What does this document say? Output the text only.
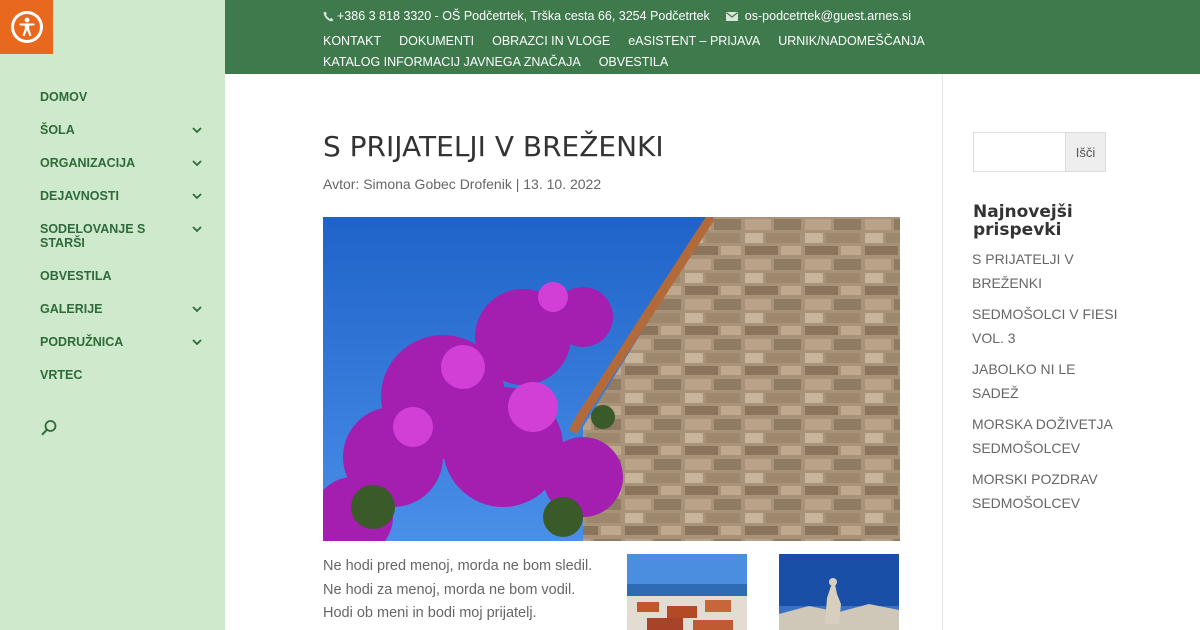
DOMOV
ŠOLA
ORGANIZACIJA
DEJAVNOSTI
SODELOVANJE S STARŠI
OBVESTILA
GALERIJE
PODRUŽNICA
VRTEC
+386 3 818 3320 - OŠ Podčetrtek, Trška cesta 66, 3254 Podčetrtek	os-podcetrtek@guest.arnes.si
KONTAKT DOKUMENTI OBRAZCI IN VLOGE eASISTENT – PRIJAVA URNIK/NADOMEŠČANJA
KATALOG INFORMACIJ JAVNEGA ZNAČAJA OBVESTILA
S PRIJATELJI V BREŽENKI
Avtor: Simona Gobec Drofenik | 13. 10. 2022

Ne hodi pred menoj, morda ne bom sledil. Ne hodi za menoj, morda ne bom vodil. Hodi ob meni in bodi moj prijatelj.

Išči
Najnovejši prispevki
S PRIJATELJI V BREŽENKI
SEDMOŠOLCI V FIESI VOL. 3
JABOLKO NI LE SADEŽ
MORSKA DOŽIVETJA SEDMOŠOLCEV
MORSKI POZDRAV SEDMOŠOLCEV
